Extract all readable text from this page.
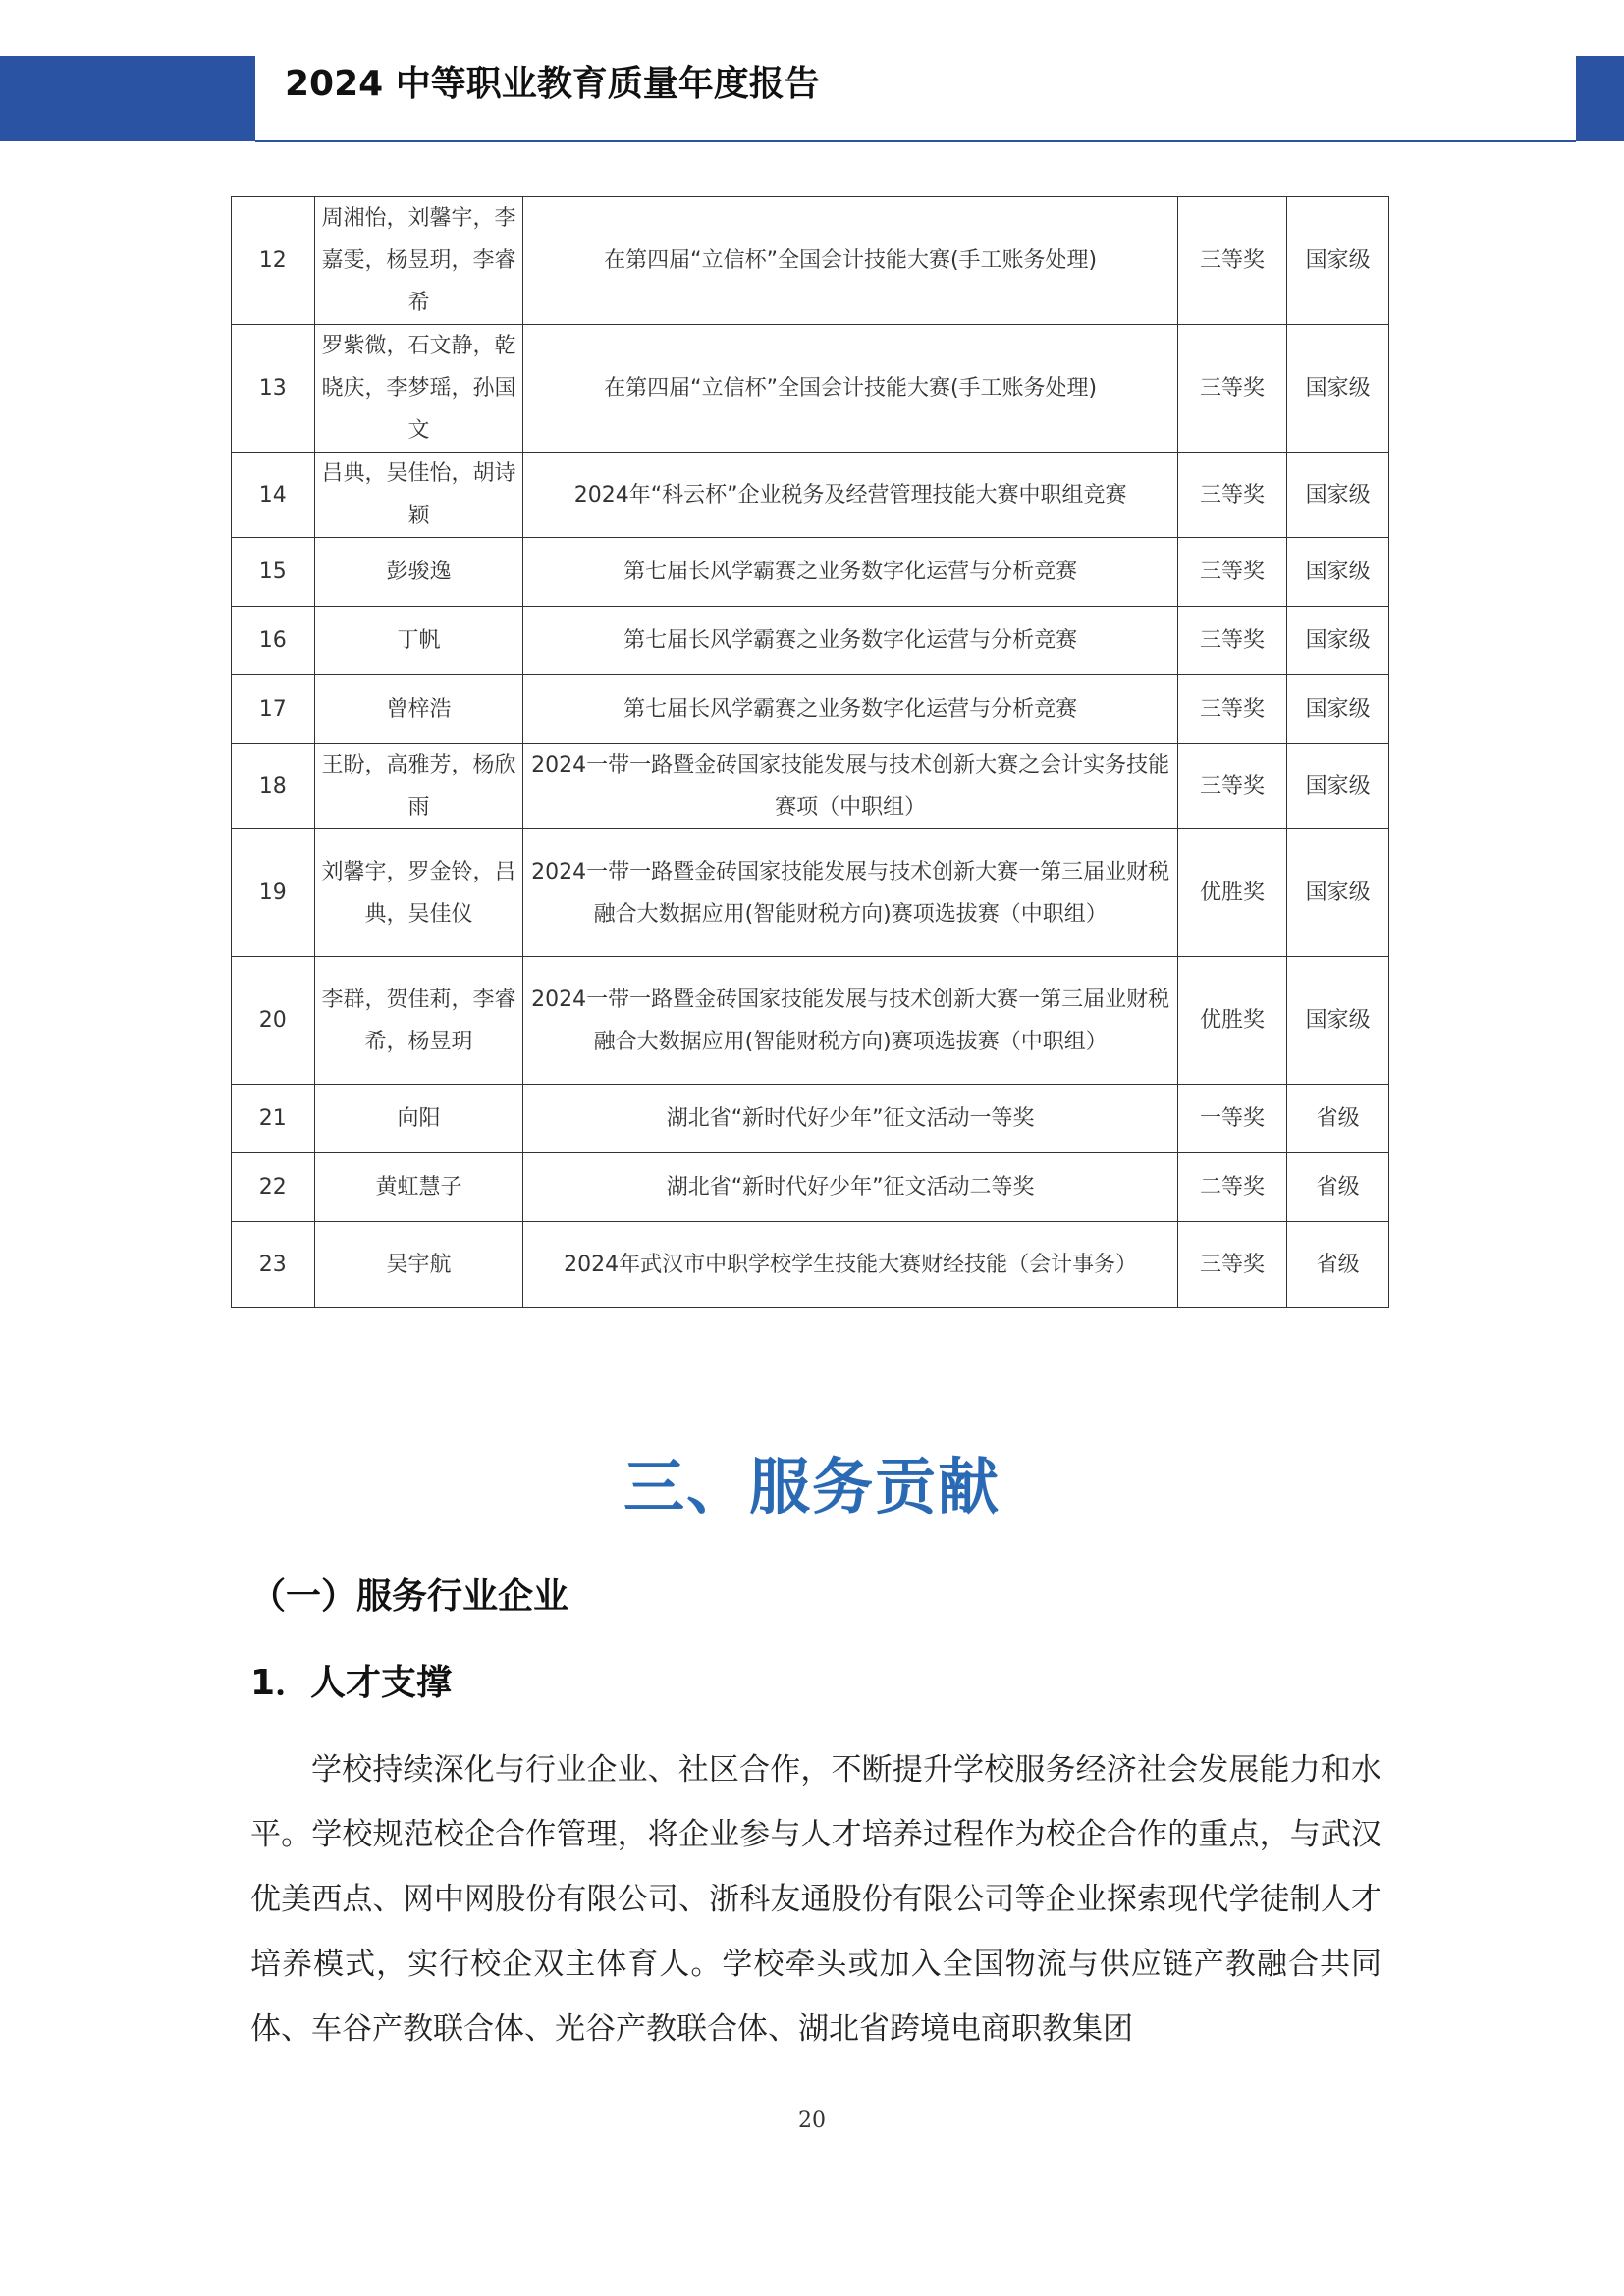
2024 中等职业教育质量年度报告
12	周湘怡，刘馨宇，李嘉雯，杨昱玥，李睿希	在第四届“立信杯”全国会计技能大赛(手工账务处理)	三等奖	国家级
13	罗紫微，石文静，乾晓庆，李梦瑶，孙国文	在第四届“立信杯”全国会计技能大赛(手工账务处理)	三等奖	国家级
14	吕典，吴佳怡，胡诗颖	2024年“科云杯”企业税务及经营管理技能大赛中职组竞赛	三等奖	国家级
15	彭骏逸	第七届长风学霸赛之业务数字化运营与分析竞赛	三等奖	国家级
16	丁帆	第七届长风学霸赛之业务数字化运营与分析竞赛	三等奖	国家级
17	曾梓浩	第七届长风学霸赛之业务数字化运营与分析竞赛	三等奖	国家级
18	王盼，高雅芳，杨欣雨	2024一带一路暨金砖国家技能发展与技术创新大赛之会计实务技能赛项（中职组）	三等奖	国家级
19	刘馨宇，罗金铃，吕典，吴佳仪	2024一带一路暨金砖国家技能发展与技术创新大赛一第三届业财税融合大数据应用(智能财税方向)赛项选拔赛（中职组）	优胜奖	国家级
20	李群，贺佳莉，李睿希，杨昱玥	2024一带一路暨金砖国家技能发展与技术创新大赛一第三届业财税融合大数据应用(智能财税方向)赛项选拔赛（中职组）	优胜奖	国家级
21	向阳	湖北省“新时代好少年”征文活动一等奖	一等奖	省级
22	黄虹慧子	湖北省“新时代好少年”征文活动二等奖	二等奖	省级
23	吴宇航	2024年武汉市中职学校学生技能大赛财经技能（会计事务）	三等奖	省级
三、服务贡献
（一）服务行业企业
1．人才支撑
学校持续深化与行业企业、社区合作，不断提升学校服务经济社会发展能力和水平。学校规范校企合作管理，将企业参与人才培养过程作为校企合作的重点，与武汉优美西点、网中网股份有限公司、浙科友通股份有限公司等企业探索现代学徒制人才培养模式，实行校企双主体育人。学校牵头或加入全国物流与供应链产教融合共同体、车谷产教联合体、光谷产教联合体、湖北省跨境电商职教集团
20
